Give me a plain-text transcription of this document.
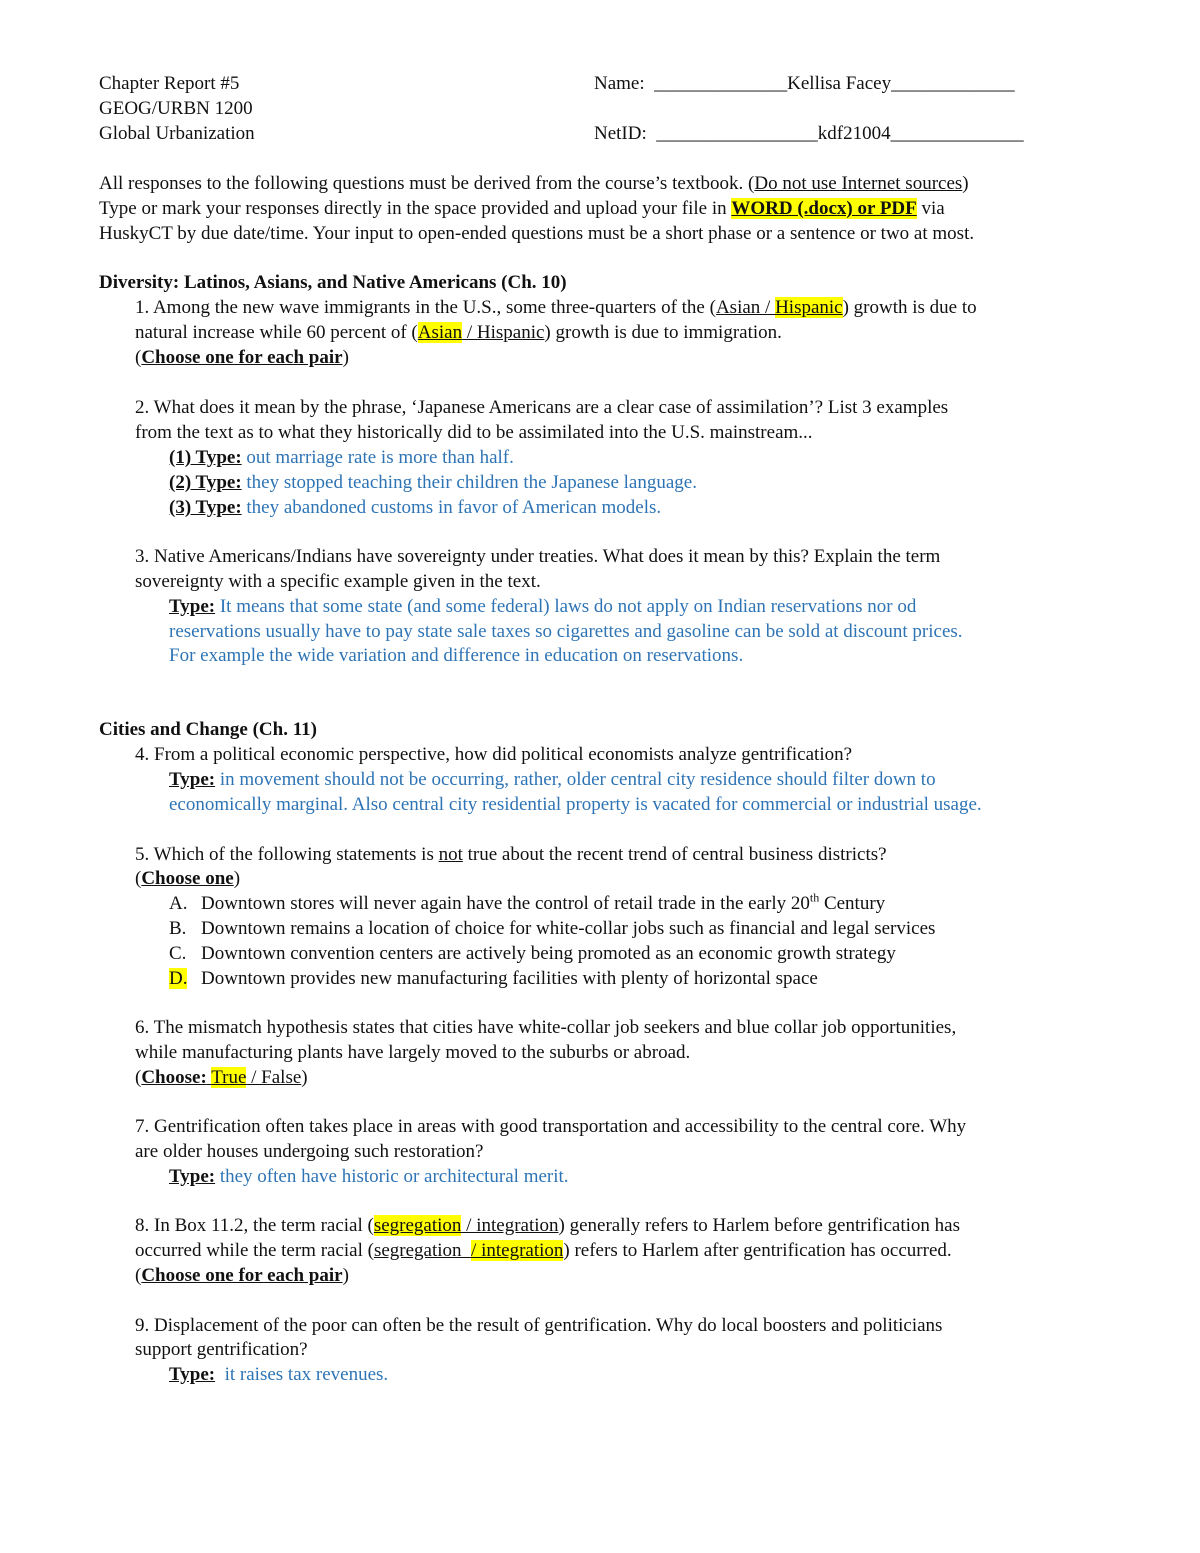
Chapter Report #5
GEOG/URBN 1200
Global Urbanization
Name: ______________Kellisa Facey_____________
NetID: _________________kdf21004______________
All responses to the following questions must be derived from the course’s textbook. (Do not use Internet sources)
Type or mark your responses directly in the space provided and upload your file in WORD (.docx) or PDF via
HuskyCT by due date/time. Your input to open-ended questions must be a short phase or a sentence or two at most.
Diversity: Latinos, Asians, and Native Americans (Ch. 10)
1. Among the new wave immigrants in the U.S., some three-quarters of the (Asian / Hispanic) growth is due to
natural increase while 60 percent of (Asian / Hispanic) growth is due to immigration.
(Choose one for each pair)
2. What does it mean by the phrase, ‘Japanese Americans are a clear case of assimilation’? List 3 examples
from the text as to what they historically did to be assimilated into the U.S. mainstream...
(1) Type: out marriage rate is more than half.
(2) Type: they stopped teaching their children the Japanese language.
(3) Type: they abandoned customs in favor of American models.
3. Native Americans/Indians have sovereignty under treaties. What does it mean by this? Explain the term
sovereignty with a specific example given in the text.
Type: It means that some state (and some federal) laws do not apply on Indian reservations nor od
reservations usually have to pay state sale taxes so cigarettes and gasoline can be sold at discount prices.
For example the wide variation and difference in education on reservations.
Cities and Change (Ch. 11)
4. From a political economic perspective, how did political economists analyze gentrification?
Type: in movement should not be occurring, rather, older central city residence should filter down to
economically marginal. Also central city residential property is vacated for commercial or industrial usage.
5. Which of the following statements is not true about the recent trend of central business districts?
(Choose one)
A. Downtown stores will never again have the control of retail trade in the early 20th Century
B. Downtown remains a location of choice for white-collar jobs such as financial and legal services
C. Downtown convention centers are actively being promoted as an economic growth strategy
D. Downtown provides new manufacturing facilities with plenty of horizontal space
6. The mismatch hypothesis states that cities have white-collar job seekers and blue collar job opportunities,
while manufacturing plants have largely moved to the suburbs or abroad.
(Choose: True / False)
7. Gentrification often takes place in areas with good transportation and accessibility to the central core. Why
are older houses undergoing such restoration?
Type: they often have historic or architectural merit.
8. In Box 11.2, the term racial (segregation / integration) generally refers to Harlem before gentrification has
occurred while the term racial (segregation  / integration) refers to Harlem after gentrification has occurred.
(Choose one for each pair)
9. Displacement of the poor can often be the result of gentrification. Why do local boosters and politicians
support gentrification?
Type:  it raises tax revenues.
